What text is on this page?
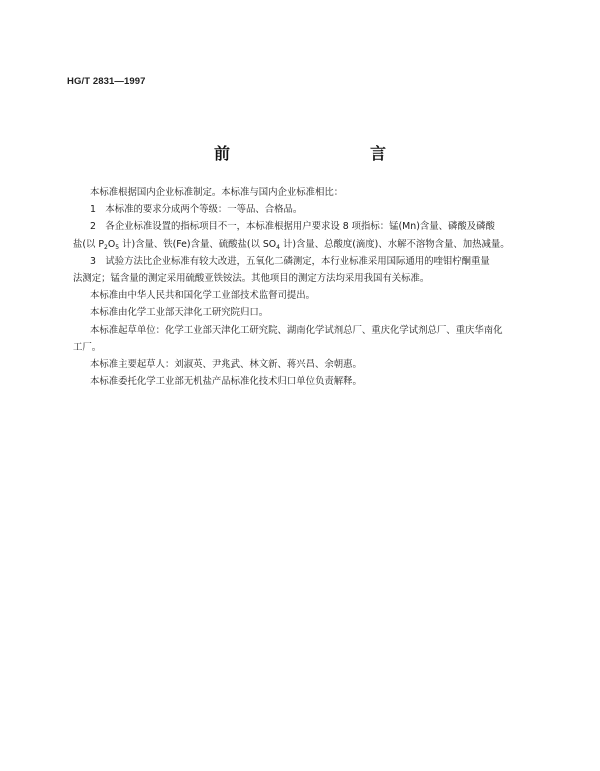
HG/T 2831—1997
前　　言

本标准根据国内企业标准制定。本标准与国内企业标准相比：

1　本标准的要求分成两个等级：一等品、合格品。

2　各企业标准设置的指标项目不一，本标准根据用户要求设 8 项指标：锰(Mn)含量、磷酸及磷酸

盐(以 $P_2O_5$ 计)含量、铁(Fe)含量、硫酸盐(以 $SO_4$ 计)含量、总酸度(滴度)、水解不溶物含量、加热减量。

3　试验方法比企业标准有较大改进，五氧化二磷测定，本行业标准采用国际通用的喹钼柠酮重量

法测定；锰含量的测定采用硫酸亚铁铵法。其他项目的测定方法均采用我国有关标准。

本标准由中华人民共和国化学工业部技术监督司提出。

本标准由化学工业部天津化工研究院归口。

本标准起草单位：化学工业部天津化工研究院、湖南化学试剂总厂、重庆化学试剂总厂、重庆华南化

工厂。

本标准主要起草人：刘淑英、尹兆武、林文新、蒋兴昌、余朝惠。

本标准委托化学工业部无机盐产品标准化技术归口单位负责解释。
